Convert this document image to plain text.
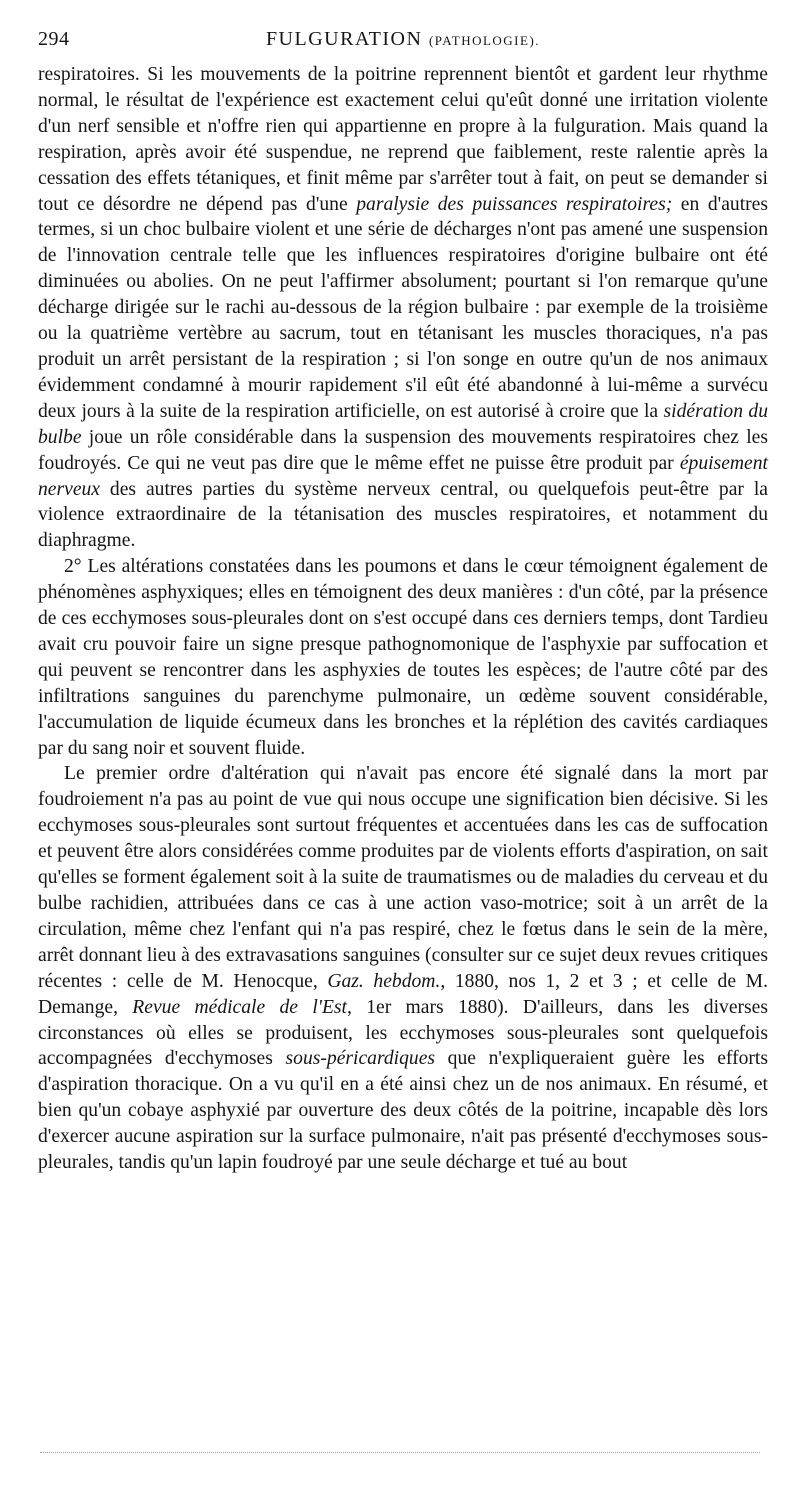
294	FULGURATION (PATHOLOGIE).

respiratoires. Si les mouvements de la poitrine reprennent bientôt et gardent leur rhythme normal, le résultat de l'expérience est exactement celui qu'eût donné une irritation violente d'un nerf sensible et n'offre rien qui appartienne en propre à la fulguration. Mais quand la respiration, après avoir été suspendue, ne reprend que faiblement, reste ralentie après la cessation des effets tétaniques, et finit même par s'arrêter tout à fait, on peut se demander si tout ce désordre ne dépend pas d'une paralysie des puissances respiratoires; en d'autres termes, si un choc bulbaire violent et une série de décharges n'ont pas amené une suspension de l'innovation centrale telle que les influences respiratoires d'origine bulbaire ont été diminuées ou abolies. On ne peut l'affirmer absolument; pourtant si l'on remarque qu'une décharge dirigée sur le rachi au-dessous de la région bulbaire : par exemple de la troisième ou la quatrième vertèbre au sacrum, tout en tétanisant les muscles thoraciques, n'a pas produit un arrêt persistant de la respiration ; si l'on songe en outre qu'un de nos animaux évidemment condamné à mourir rapidement s'il eût été abandonné à lui-même a survécu deux jours à la suite de la respiration artificielle, on est autorisé à croire que la sidération du bulbe joue un rôle considérable dans la suspension des mouvements respiratoires chez les foudroyés. Ce qui ne veut pas dire que le même effet ne puisse être produit par épuisement nerveux des autres parties du système nerveux central, ou quelquefois peut-être par la violence extraordinaire de la tétanisation des muscles respiratoires, et notamment du diaphragme.

2° Les altérations constatées dans les poumons et dans le cœur témoignent également de phénomènes asphyxiques; elles en témoignent des deux manières : d'un côté, par la présence de ces ecchymoses sous-pleurales dont on s'est occupé dans ces derniers temps, dont Tardieu avait cru pouvoir faire un signe presque pathognomonique de l'asphyxie par suffocation et qui peuvent se rencontrer dans les asphyxies de toutes les espèces; de l'autre côté par des infiltrations sanguines du parenchyme pulmonaire, un œdème souvent considérable, l'accumulation de liquide écumeux dans les bronches et la réplétion des cavités cardiaques par du sang noir et souvent fluide.

Le premier ordre d'altération qui n'avait pas encore été signalé dans la mort par foudroiement n'a pas au point de vue qui nous occupe une signification bien décisive. Si les ecchymoses sous-pleurales sont surtout fréquentes et accentuées dans les cas de suffocation et peuvent être alors considérées comme produites par de violents efforts d'aspiration, on sait qu'elles se forment également soit à la suite de traumatismes ou de maladies du cerveau et du bulbe rachidien, attribuées dans ce cas à une action vaso-motrice; soit à un arrêt de la circulation, même chez l'enfant qui n'a pas respiré, chez le fœtus dans le sein de la mère, arrêt donnant lieu à des extravasations sanguines (consulter sur ce sujet deux revues critiques récentes : celle de M. Henocque, Gaz. hebdom., 1880, nos 1, 2 et 3 ; et celle de M. Demange, Revue médicale de l'Est, 1er mars 1880). D'ailleurs, dans les diverses circonstances où elles se produisent, les ecchymoses sous-pleurales sont quelquefois accompagnées d'ecchymoses sous-péricardiques que n'expliqueraient guère les efforts d'aspiration thoracique. On a vu qu'il en a été ainsi chez un de nos animaux. En résumé, et bien qu'un cobaye asphyxié par ouverture des deux côtés de la poitrine, incapable dès lors d'exercer aucune aspiration sur la surface pulmonaire, n'ait pas présenté d'ecchymoses sous-pleurales, tandis qu'un lapin foudroyé par une seule décharge et tué au bout
